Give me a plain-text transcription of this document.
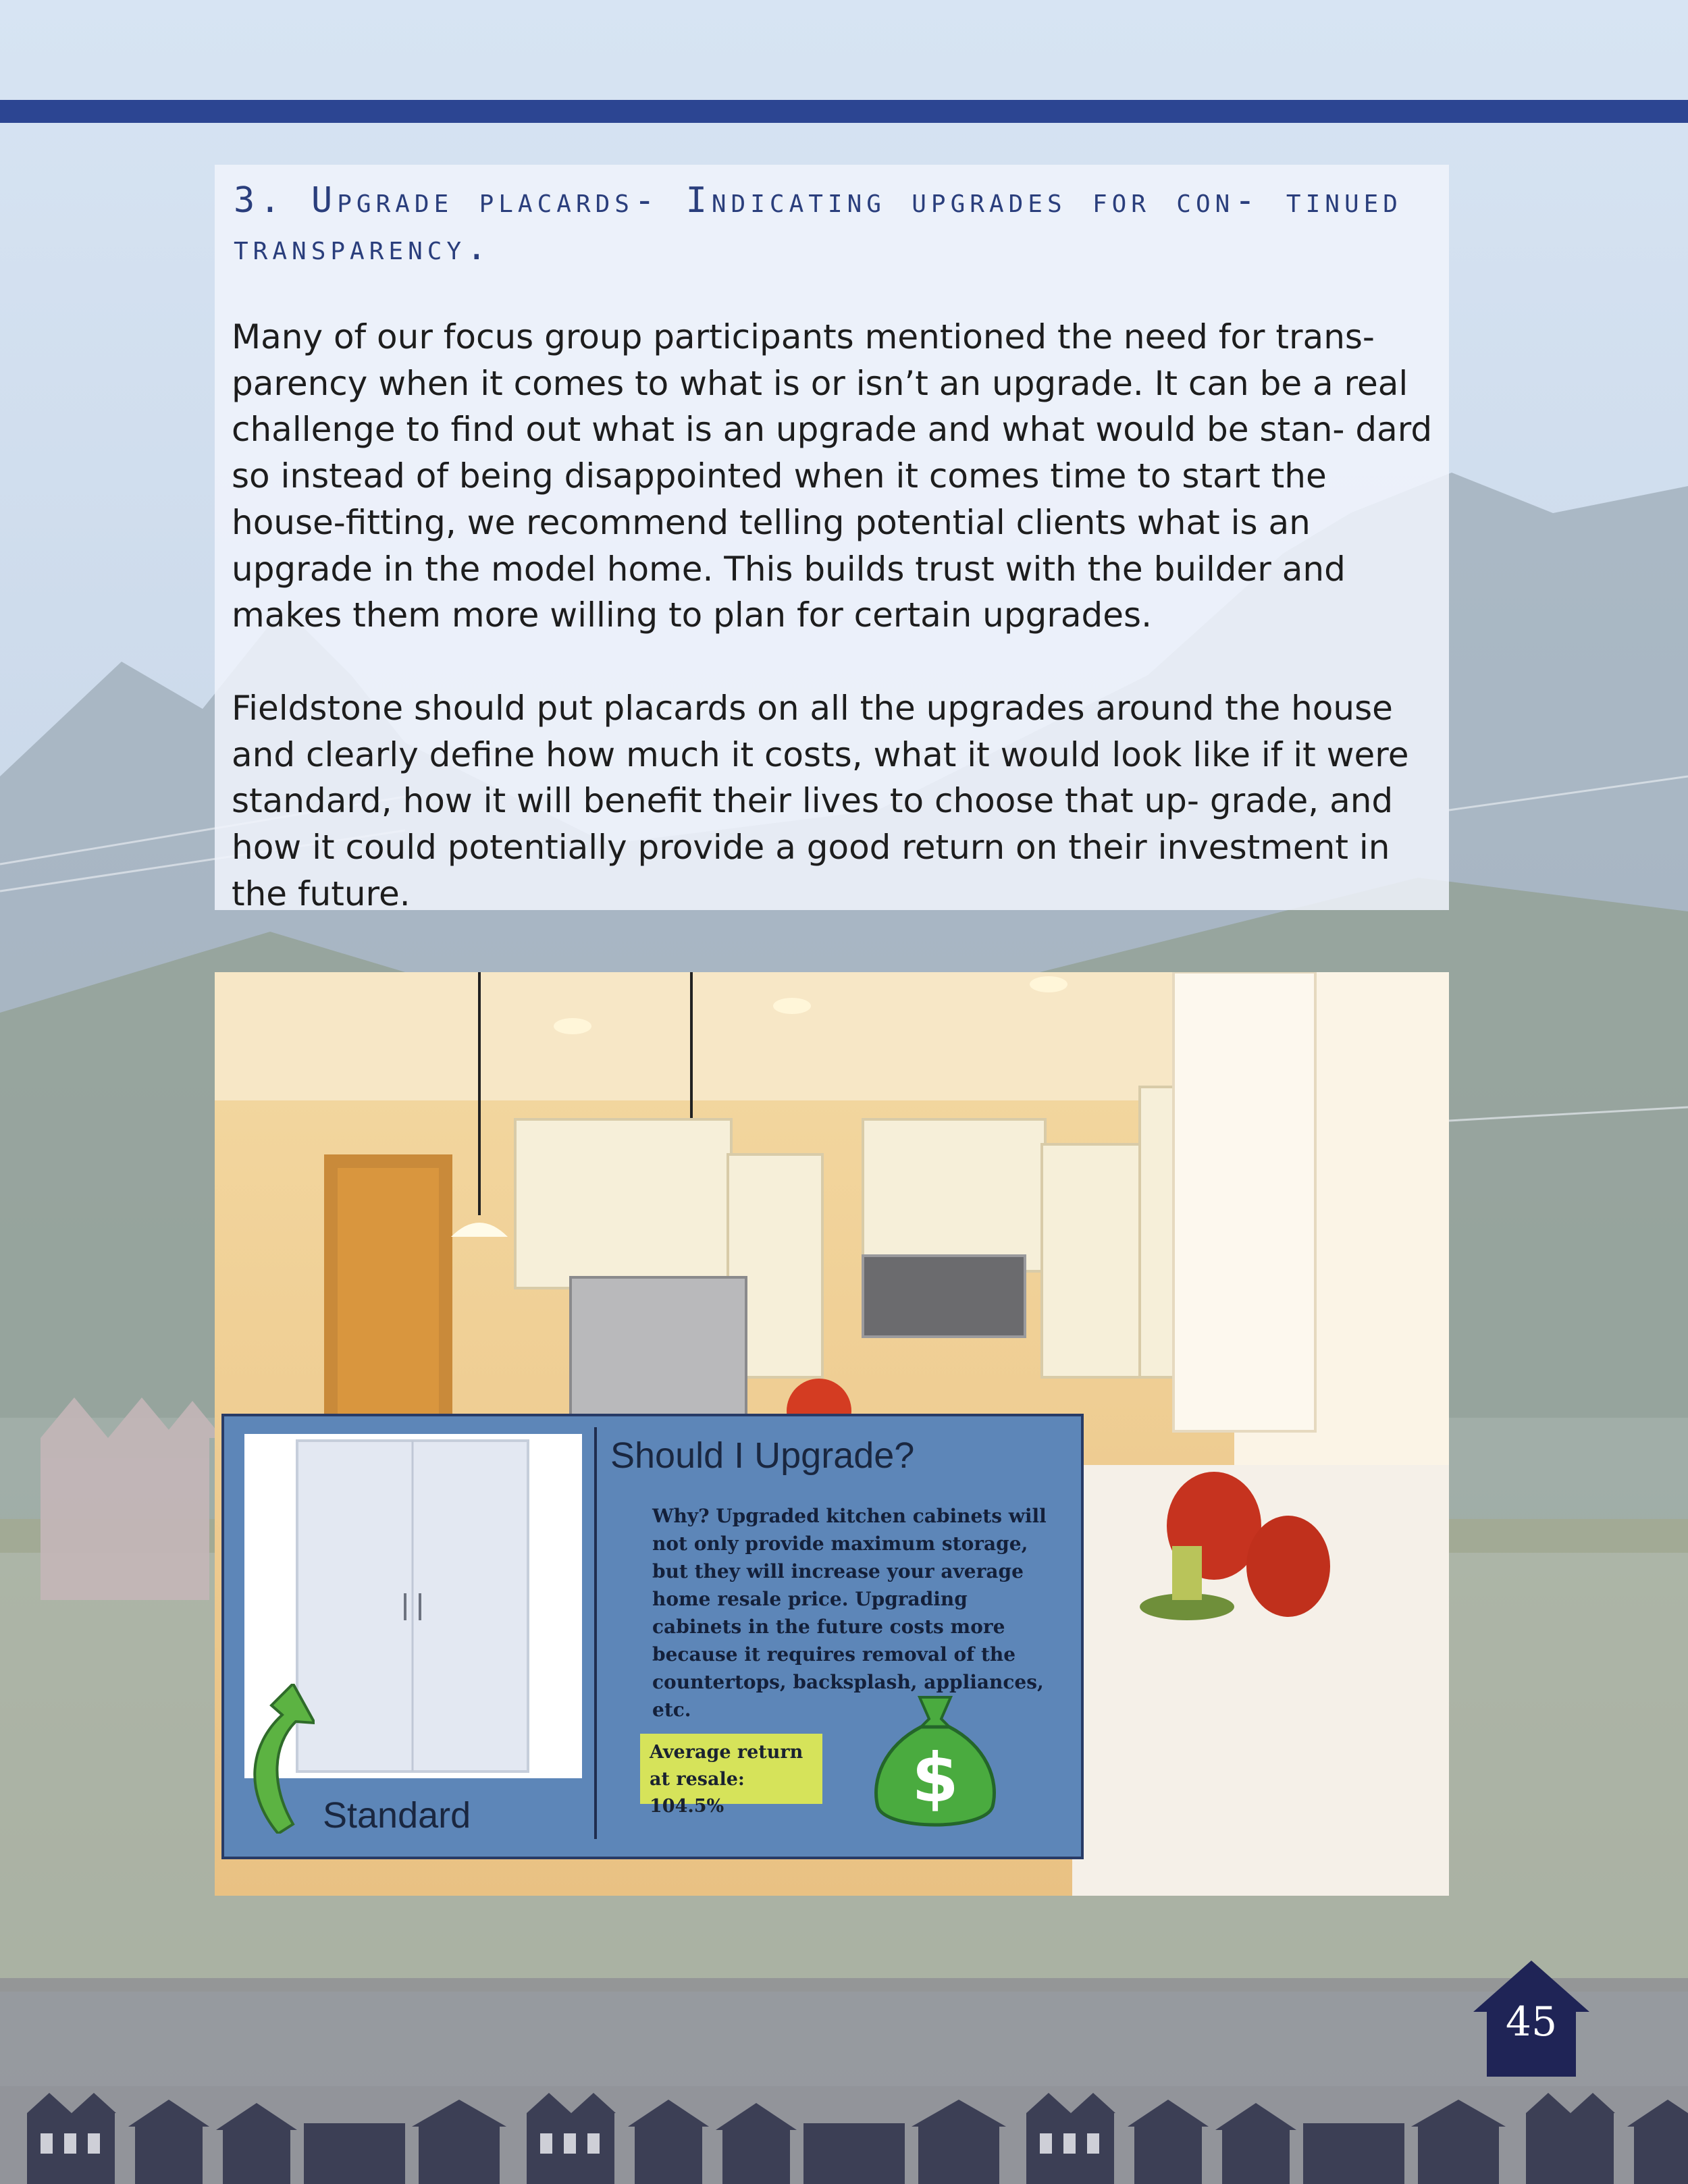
3. Upgrade placards- Indicating upgrades for con- tinued transparency.

Many of our focus group participants mentioned the need for trans- parency when it comes to what is or isn’t an upgrade. It can be a real challenge to find out what is an upgrade and what would be stan- dard so instead of being disappointed when it comes time to start the house-fitting, we recommend telling potential clients what is an upgrade in the model home. This builds trust with the builder and makes them more willing to plan for certain upgrades.

Fieldstone should put placards on all the upgrades around the house and clearly define how much it costs, what it would look like if it were standard, how it will benefit their lives to choose that up- grade, and how it could potentially provide a good return on their investment in the future.

Standard
Should I Upgrade?

Why? Upgraded kitchen cabinets will not only provide maximum storage, but they will increase your average home resale price. Upgrading cabinets in the future costs more because it requires removal of the countertops, backsplash, appliances, etc.

Average return at resale: 104.5%	$
45
